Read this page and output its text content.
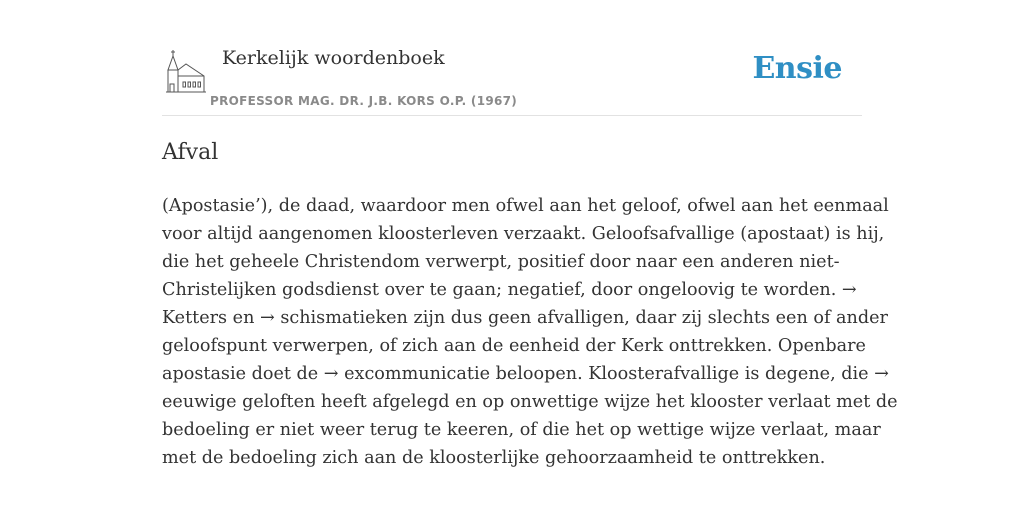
Kerkelijk woordenboek
PROFESSOR MAG. DR. J.B. KORS O.P. (1967)
Ensie
Afval

(Apostasie’), de daad, waardoor men ofwel aan het geloof, ofwel aan het eenmaal
voor altijd aangenomen kloosterleven verzaakt. Geloofsafvallige (apostaat) is hij,
die het geheele Christendom verwerpt, positief door naar een anderen niet-
Christelijken godsdienst over te gaan; negatief, door ongeloovig te worden. →
Ketters en → schismatieken zijn dus geen afvalligen, daar zij slechts een of ander
geloofspunt verwerpen, of zich aan de eenheid der Kerk onttrekken. Openbare
apostasie doet de → excommunicatie beloopen. Kloosterafvallige is degene, die →
eeuwige geloften heeft afgelegd en op onwettige wijze het klooster verlaat met de
bedoeling er niet weer terug te keeren, of die het op wettige wijze verlaat, maar
met de bedoeling zich aan de kloosterlijke gehoorzaamheid te onttrekken.
